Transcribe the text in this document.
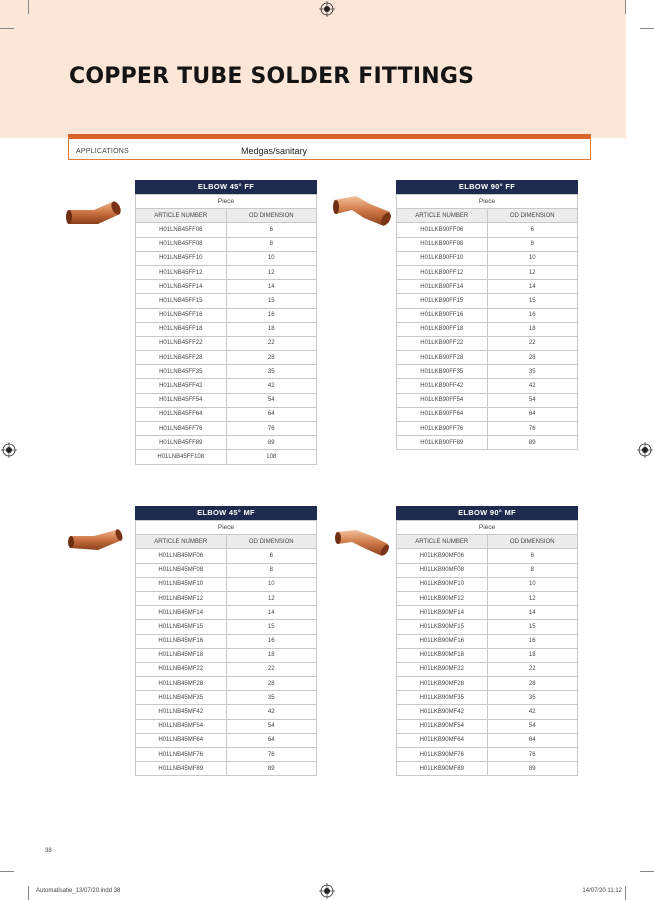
COPPER TUBE SOLDER FITTINGS
APPLICATIONS	Medgas/sanitary
ELBOW 45° FF
Piece	
ARTICLE NUMBER	OD DIMENSION
H01LNB45FF06	6
H01LNB45FF08	8
H01LNB45FF10	10
H01LNB45FF12	12
H01LNB45FF14	14
H01LNB45FF15	15
H01LNB45FF16	16
H01LNB45FF18	18
H01LNB45FF22	22
H01LNB45FF28	28
H01LNB45FF35	35
H01LNB45FF42	42
H01LNB45FF54	54
H01LNB45FF64	64
H01LNB45FF76	76
H01LNB45FF89	89
H01LNB45FF108	108
ELBOW 90° FF
Piece	
ARTICLE NUMBER	OD DIMENSION
H01LKB90FF06	6
H01LKB90FF08	8
H01LKB90FF10	10
H01LKB90FF12	12
H01LKB90FF14	14
H01LKB90FF15	15
H01LKB90FF16	16
H01LKB90FF18	18
H01LKB90FF22	22
H01LKB90FF28	28
H01LKB90FF35	35
H01LKB90FF42	42
H01LKB90FF54	54
H01LKB90FF64	64
H01LKB90FF76	76
H01LKB90FF89	89
ELBOW 45° MF
Piece	
ARTICLE NUMBER	OD DIMENSION
H01LNB45MF06	6
H01LNB45MF08	8
H01LNB45MF10	10
H01LNB45MF12	12
H01LNB45MF14	14
H01LNB45MF15	15
H01LNB45MF16	16
H01LNB45MF18	18
H01LNB45MF22	22
H01LNB45MF28	28
H01LNB45MF35	35
H01LNB45MF42	42
H01LNB45MF54	54
H01LNB45MF64	64
H01LNB45MF76	76
H01LNB45MF89	89
ELBOW 90° MF
Piece	
ARTICLE NUMBER	OD DIMENSION
H01LKB90MF06	6
H01LKB90MF08	8
H01LKB90MF10	10
H01LKB90MF12	12
H01LKB90MF14	14
H01LKB90MF15	15
H01LKB90MF16	16
H01LKB90MF18	18
H01LKB90MF22	22
H01LKB90MF28	28
H01LKB90MF35	35
H01LKB90MF42	42
H01LKB90MF54	54
H01LKB90MF64	64
H01LKB90MF76	76
H01LKB90MF89	89
38
Automatisatie_13/07/20.indd 38	14/07/20 11:12
